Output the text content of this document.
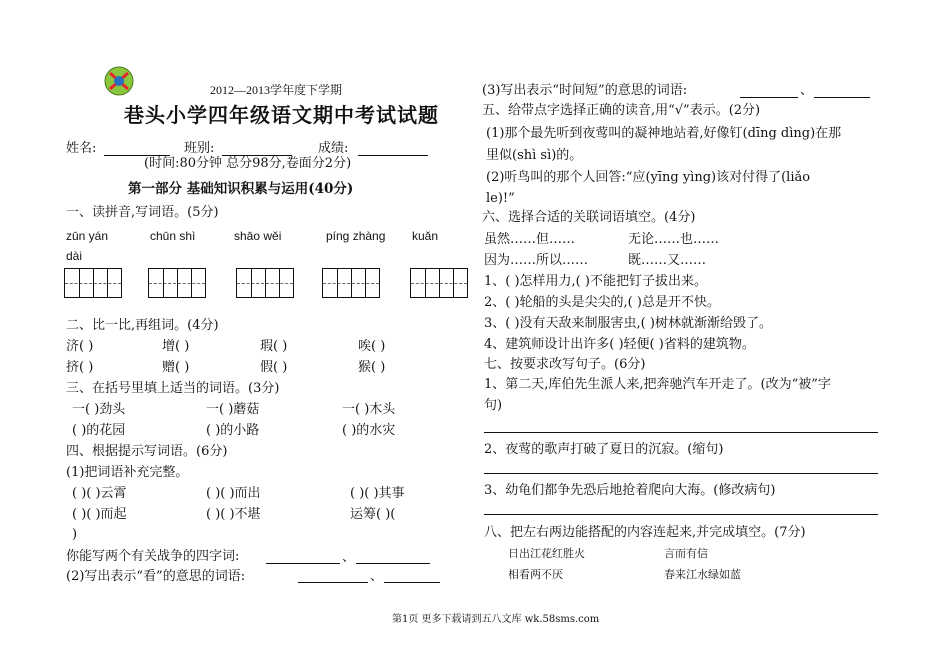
2012—2013学年度下学期
巷头小学四年级语文期中考试试题
姓名:	班别:	成绩:
(时间:80分钟 总分98分,卷面分2分)
第一部分 基础知识积累与运用(40分)
一、读拼音,写词语。(5分)
zūn yán	chūn shì	shāo wěi	píng zhàng kuǎn
dài
二、比一比,再组词。(4分)
济( )	增( )	瑕( )	唉( )
挤( )	赠( )	假( )	猴( )
三、在括号里填上适当的词语。(3分)
一( )劲头	一( )蘑菇	一( )木头
( )的花园	( )的小路	( )的水灾
四、根据提示写词语。(6分)
(1)把词语补充完整。
( )( )云霄	( )( )而出	( )( )其事
( )( )而起	( )( )不堪	运筹( )(
)
你能写两个有关战争的四字词:	、
(2)写出表示“看”的意思的词语:	、
(3)写出表示“时间短”的意思的词语:	、
五、给带点字选择正确的读音,用“√”表示。(2分)
(1)那个最先听到夜莺叫的凝神地站着,好像钉(dīng dìng)在那
里似(shì sì)的。
(2)听鸟叫的那个人回答:“应(yīng yìng)该对付得了(liǎo
le)!”
六、选择合适的关联词语填空。(4分)
虽然……但……	无论……也……
因为……所以……	既……又……
1、( )怎样用力,( )不能把钉子拔出来。
2、( )轮船的头是尖尖的,( )总是开不快。
3、( )没有天敌来制服害虫,( )树林就渐渐给毁了。
4、建筑师设计出许多( )轻便( )省料的建筑物。
七、按要求改写句子。(6分)
1、第二天,库伯先生派人来,把奔驰汽车开走了。(改为“被”字
句)
2、夜莺的歌声打破了夏日的沉寂。(缩句)
3、幼龟们都争先恐后地抢着爬向大海。(修改病句)
八、把左右两边能搭配的内容连起来,并完成填空。(7分)
日出江花红胜火	言而有信
相看两不厌	春来江水绿如蓝
第1页 更多下载请到五八文库 wk.58sms.com
